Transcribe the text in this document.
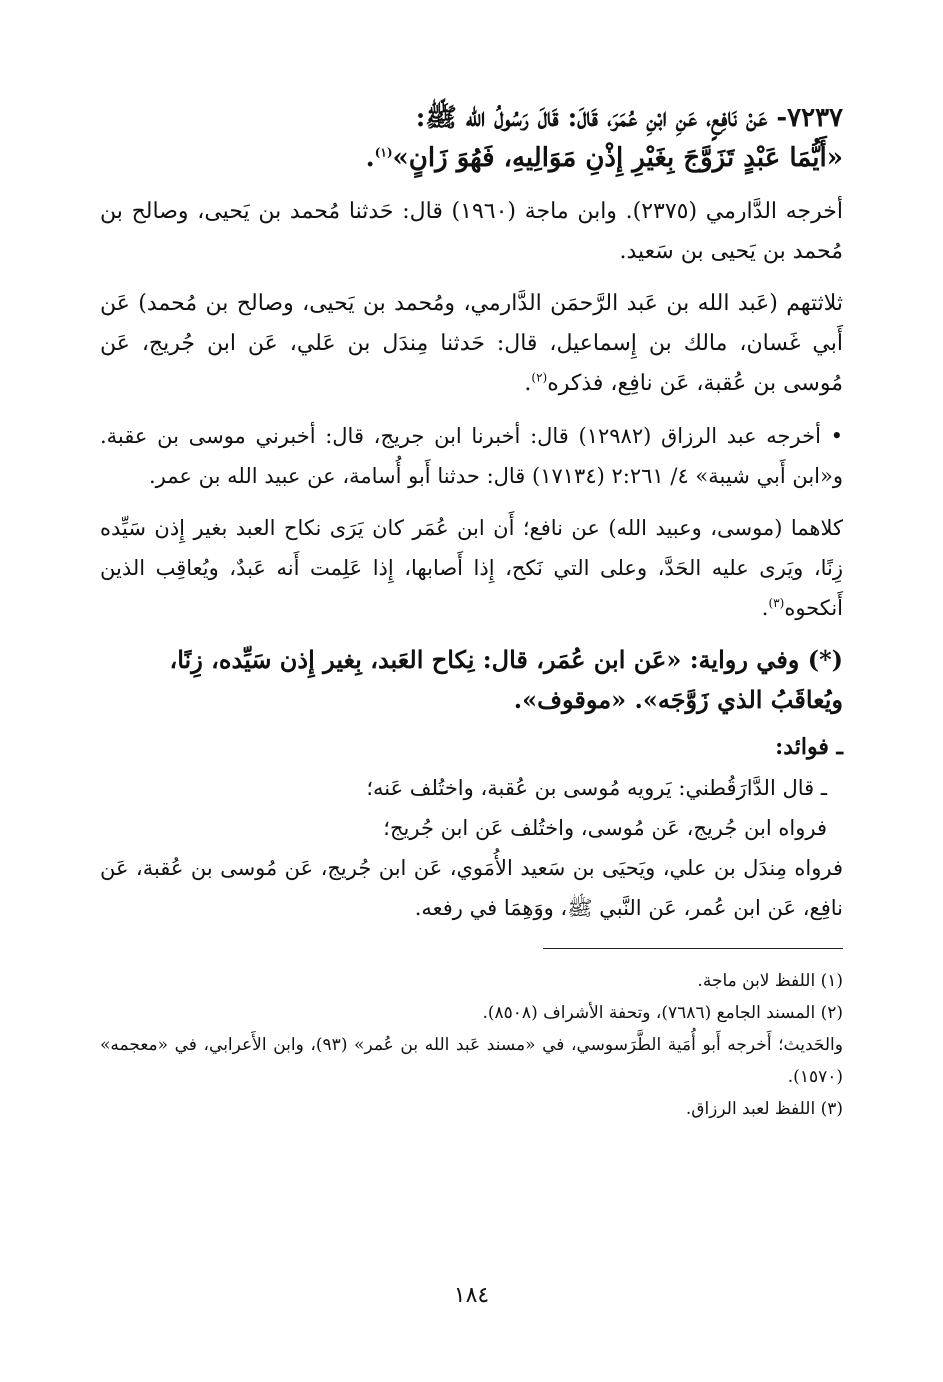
٧٢٣٧- عَنْ نَافِعٍ، عَنِ ابْنِ عُمَرَ، قَالَ: قَالَ رَسُولُ الله ﷺ:
«أَيُّمَا عَبْدٍ تَزَوَّجَ بِغَيْرِ إِذْنِ مَوَالِيهِ، فَهُوَ زَانٍ»$^{(١)}$.

أخرجه الدَّارمي (٢٣٧٥). وابن ماجة (١٩٦٠) قال: حَدثنا مُحمد بن يَحيى، وصالح بن مُحمد بن يَحيى بن سَعيد.

ثلاثتهم (عَبد الله بن عَبد الرَّحمَن الدَّارمي، ومُحمد بن يَحيى، وصالح بن مُحمد) عَن أَبي غَسان، مالك بن إِسماعيل، قال: حَدثنا مِندَل بن عَلي، عَن ابن جُريج، عَن مُوسى بن عُقبة، عَن نافِع، فذكره$^{(٢)}$.

• أخرجه عبد الرزاق (١٢٩٨٢) قال: أخبرنا ابن جريج، قال: أخبرني موسى بن عقبة. و«ابن أَبي شيبة» ٤/ ٢:٢٦١ (١٧١٣٤) قال: حدثنا أَبو أُسامة، عن عبيد الله بن عمر.

كلاهما (موسى، وعبيد الله) عن نافع؛ أَن ابن عُمَر كان يَرَى نكاح العبد بغير إِذن سَيِّده زِنًا، ويَرى عليه الحَدَّ، وعلى التي نَكح، إِذا أَصابها، إِذا عَلِمت أَنه عَبدٌ، ويُعاقِب الذين أَنكحوه$^{(٣)}$.

(*) وفي رواية: «عَن ابن عُمَر، قال: نِكاح العَبد، بِغير إِذن سَيِّده، زِنًا، ويُعاقَبُ الذي زَوَّجَه». «موقوف».

ـ فوائد:
ـ قال الدَّارَقُطني: يَرويه مُوسى بن عُقبة، واختُلف عَنه؛
فرواه ابن جُريج، عَن مُوسى، واختُلف عَن ابن جُريج؛
فرواه مِندَل بن علي، ويَحيَى بن سَعيد الأُمَوي، عَن ابن جُريج، عَن مُوسى بن عُقبة، عَن نافِع، عَن ابن عُمر، عَن النَّبي ﷺ، ووَهِمَا في رفعه.
(١) اللفظ لابن ماجة.
(٢) المسند الجامع (٧٦٨٦)، وتحفة الأشراف (٨٥٠٨).
والحَديث؛ أَخرجه أَبو أُمَية الطَّرَسوسي، في «مسند عَبد الله بن عُمر» (٩٣)، وابن الأَعرابي، في «معجمه» (١٥٧٠).
(٣) اللفظ لعبد الرزاق.
١٨٤
